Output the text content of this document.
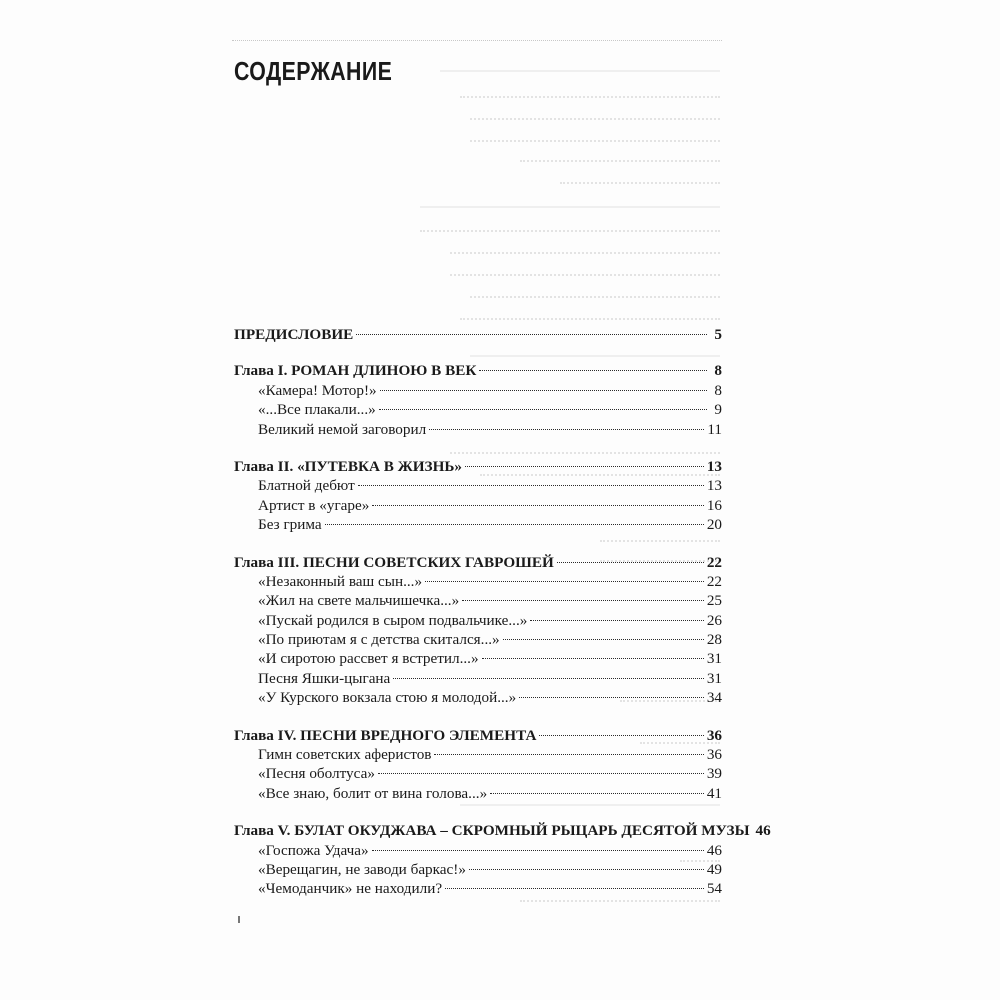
СОДЕРЖАНИЕ
ПРЕДИСЛОВИЕ	5
Глава I. РОМАН ДЛИНОЮ В ВЕК	8
«Камера! Мотор!»	8
«...Все плакали...»	9
Великий немой заговорил	11
Глава II. «ПУТЕВКА В ЖИЗНЬ»	13
Блатной дебют	13
Артист в «угаре»	16
Без грима	20
Глава III. ПЕСНИ СОВЕТСКИХ ГАВРОШЕЙ	22
«Незаконный ваш сын...»	22
«Жил на свете мальчишечка...»	25
«Пускай родился в сыром подвальчике...»	26
«По приютам я с детства скитался...»	28
«И сиротою рассвет я встретил...»	31
Песня Яшки-цыгана	31
«У Курского вокзала стою я молодой...»	34
Глава IV. ПЕСНИ ВРЕДНОГО ЭЛЕМЕНТА	36
Гимн советских аферистов	36
«Песня оболтуса»	39
«Все знаю, болит от вина голова...»	41
Глава V. БУЛАТ ОКУДЖАВА – СКРОМНЫЙ РЫЦАРЬ ДЕСЯТОЙ МУЗЫ 46
«Госпожа Удача»	46
«Верещагин, не заводи баркас!»	49
«Чемоданчик» не находили?	54
